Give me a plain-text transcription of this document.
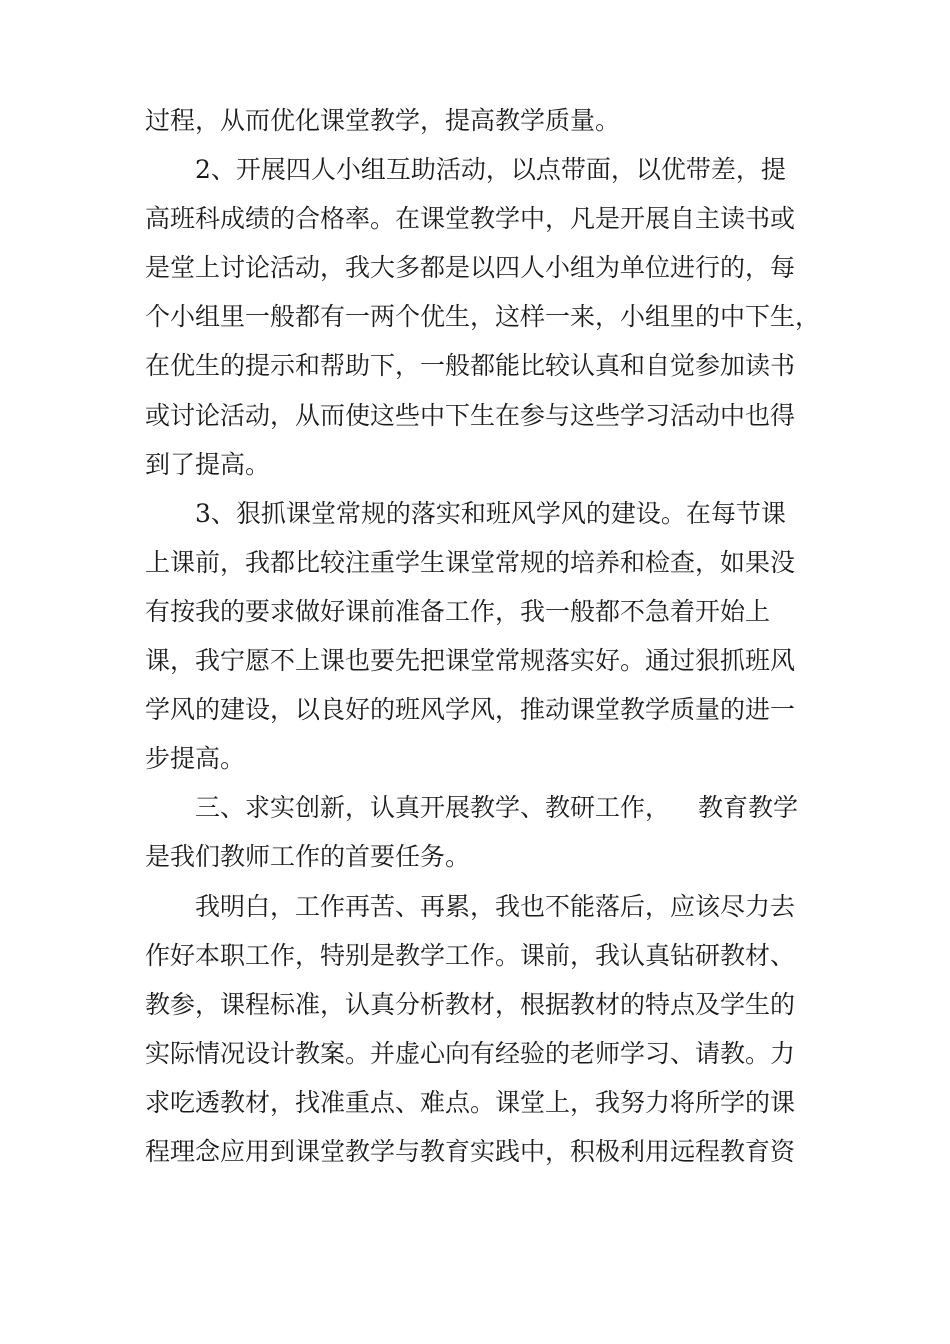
过程，从而优化课堂教学，提高教学质量。
2、开展四人小组互助活动，以点带面，以优带差，提
高班科成绩的合格率。在课堂教学中，凡是开展自主读书或
是堂上讨论活动，我大多都是以四人小组为单位进行的，每
个小组里一般都有一两个优生，这样一来，小组里的中下生，
在优生的提示和帮助下，一般都能比较认真和自觉参加读书
或讨论活动，从而使这些中下生在参与这些学习活动中也得
到了提高。
3、狠抓课堂常规的落实和班风学风的建设。在每节课
上课前，我都比较注重学生课堂常规的培养和检查，如果没
有按我的要求做好课前准备工作，我一般都不急着开始上
课，我宁愿不上课也要先把课堂常规落实好。通过狠抓班风
学风的建设，以良好的班风学风，推动课堂教学质量的进一
步提高。
三、求实创新，认真开展教学、教研工作， 教育教学
是我们教师工作的首要任务。
我明白，工作再苦、再累，我也不能落后，应该尽力去
作好本职工作，特别是教学工作。课前，我认真钻研教材、
教参，课程标准，认真分析教材，根据教材的特点及学生的
实际情况设计教案。并虚心向有经验的老师学习、请教。力
求吃透教材，找准重点、难点。课堂上，我努力将所学的课
程理念应用到课堂教学与教育实践中，积极利用远程教育资
